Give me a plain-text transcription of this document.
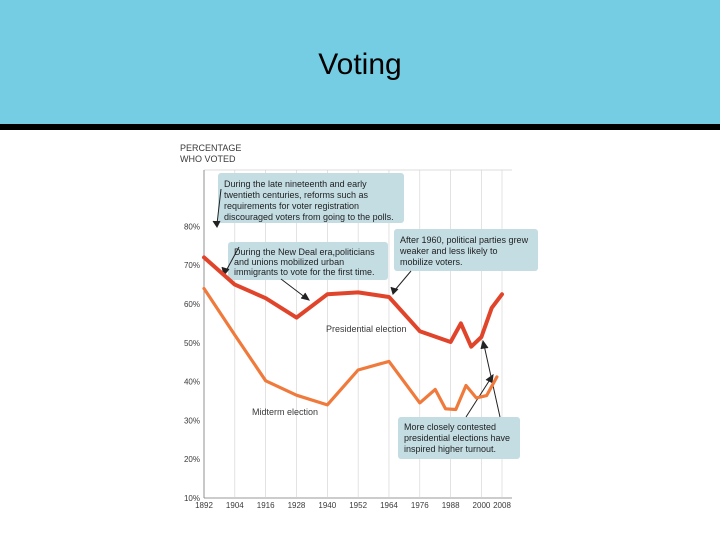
Voting
1892 1904 1916 1928 1940 1952 1964 1976 1988 2000 2008
80%
70%
60%
50%
40%
30%
20%
10%
PERCENTAGE
WHO VOTED
During the late nineteenth and early
twentieth centuries, reforms such as
requirements for voter registration
discouraged voters from going to the polls.
During the New Deal era,politicians
and unions mobilized urban
immigrants to vote for the first time.
After 1960, political parties grew
weaker and less likely to
mobilize voters.
More closely contested
presidential elections have
inspired higher turnout.
Presidential election
Midterm election
